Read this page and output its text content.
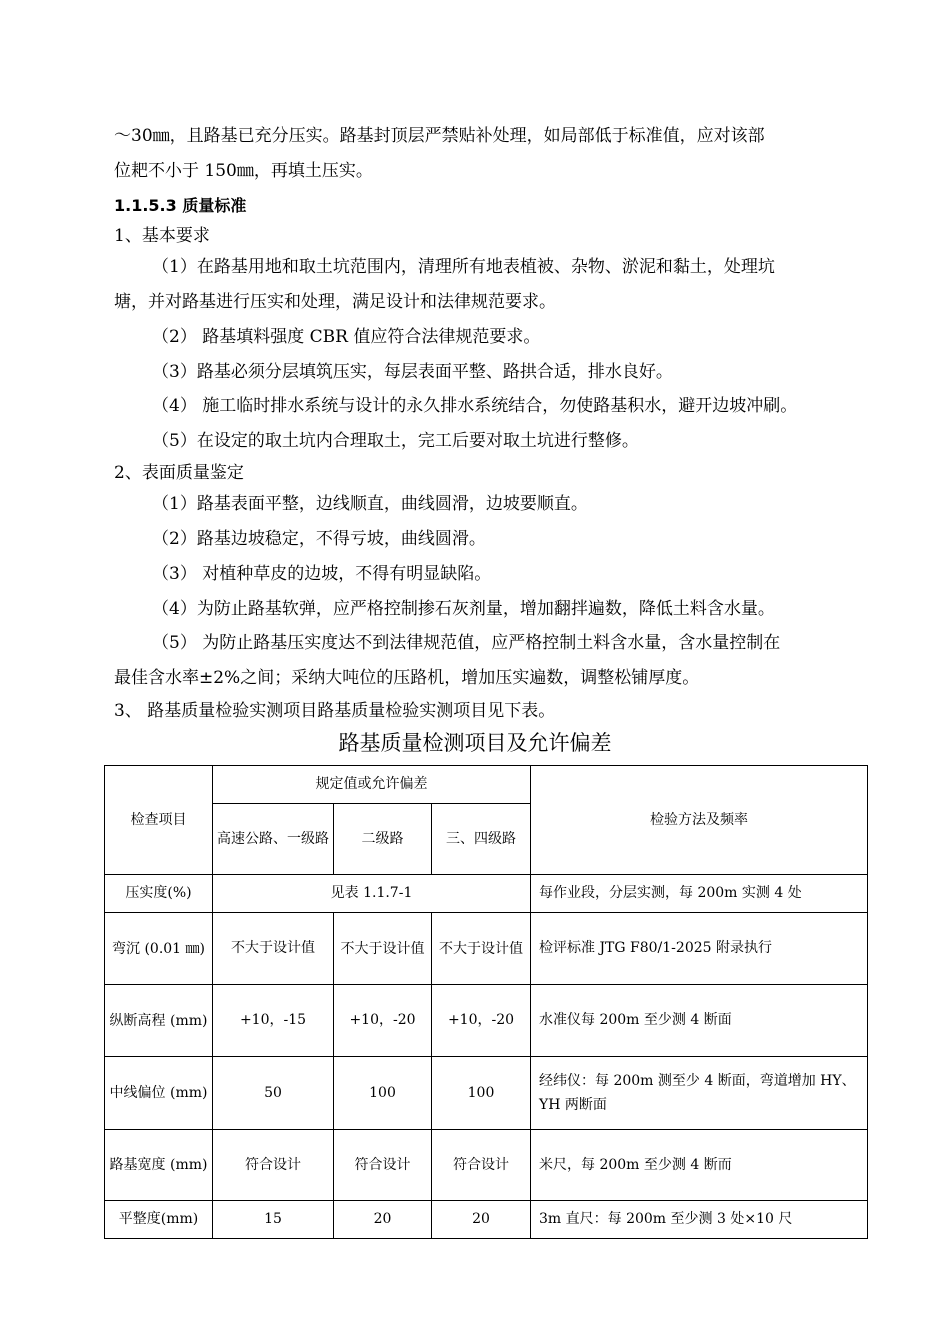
～30㎜，且路基已充分压实。路基封顶层严禁贴补处理，如局部低于标准值，应对该部
位耙不小于 150㎜，再填土压实。
1.1.5.3 质量标准
1、基本要求
（1）在路基用地和取土坑范围内，清理所有地表植被、杂物、淤泥和黏土，处理坑
塘，并对路基进行压实和处理，满足设计和法律规范要求。
（2） 路基填料强度 CBR 值应符合法律规范要求。
（3）路基必须分层填筑压实，每层表面平整、路拱合适，排水良好。
（4） 施工临时排水系统与设计的永久排水系统结合，勿使路基积水，避开边坡冲刷。
（5）在设定的取土坑内合理取土，完工后要对取土坑进行整修。
2、表面质量鉴定
（1）路基表面平整，边线顺直，曲线圆滑，边坡要顺直。
（2）路基边坡稳定，不得亏坡，曲线圆滑。
（3） 对植种草皮的边坡，不得有明显缺陷。
（4）为防止路基软弹，应严格控制掺石灰剂量，增加翻拌遍数，降低土料含水量。
（5） 为防止路基压实度达不到法律规范值，应严格控制土料含水量，含水量控制在
最佳含水率±2%之间；采纳大吨位的压路机，增加压实遍数，调整松铺厚度。
3、 路基质量检验实测项目路基质量检验实测项目见下表。
路基质量检测项目及允许偏差
检查项目	规定值或允许偏差			检验方法及频率
	高速公路、一级路	二级路	三、四级路	
压实度(%)	见表 1.1.7-1			每作业段，分层实测，每 200m 实测 4 处
弯沉 (0.01 ㎜)	不大于设计值	不大于设计值	不大于设计值	检评标准 JTG F80/1-2025 附录执行
纵断高程 (mm)	+10，-15	+10，-20	+10，-20	水准仪每 200m 至少测 4 断面
中线偏位 (mm)	50	100	100	经纬仪：每 200m 测至少 4 断面，弯道增加 HY、YH 两断面
路基宽度 (mm)	符合设计	符合设计	符合设计	米尺，每 200m 至少测 4 断而
平整度(mm)	15	20	20	3m 直尺：每 200m 至少测 3 处×10 尺
